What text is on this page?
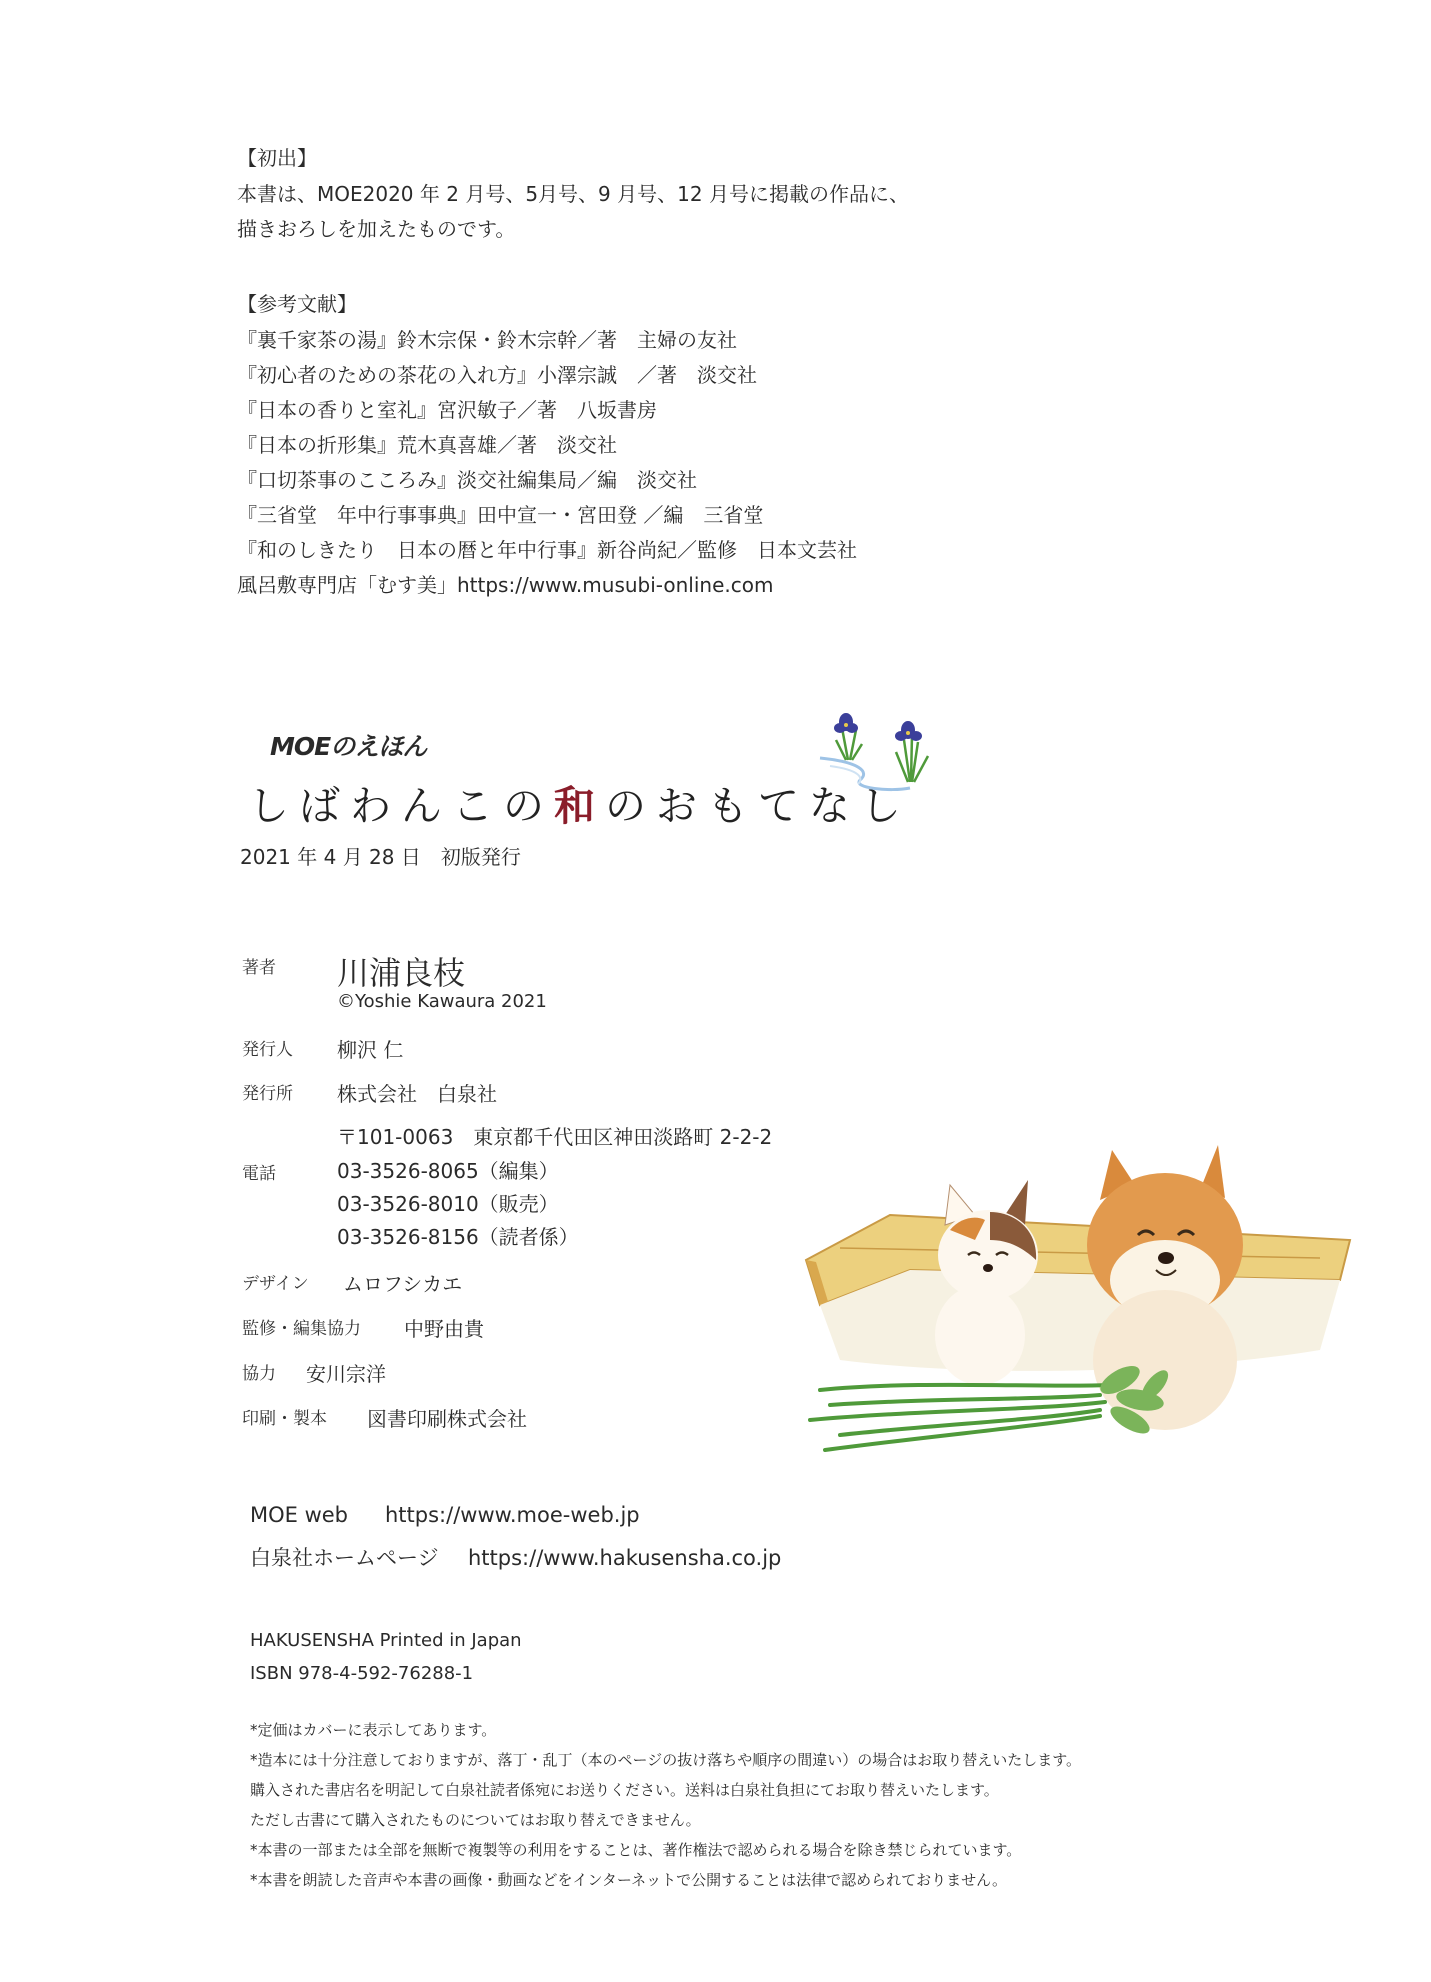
【初出】
本書は、MOE2020 年 2 月号、5月号、9 月号、12 月号に掲載の作品に、
描きおろしを加えたものです。
【参考文献】
『裏千家茶の湯』鈴木宗保・鈴木宗幹／著　主婦の友社
『初心者のための茶花の入れ方』小澤宗誠　／著　淡交社
『日本の香りと室礼』宮沢敏子／著　八坂書房
『日本の折形集』荒木真喜雄／著　淡交社
『口切茶事のこころみ』淡交社編集局／編　淡交社
『三省堂　年中行事事典』田中宣一・宮田登 ／編　三省堂
『和のしきたり　日本の暦と年中行事』新谷尚紀／監修　日本文芸社
風呂敷専門店「むす美」https://www.musubi-online.com
MOEのえほん
しばわんこの和のおもてなし
2021 年 4 月 28 日　初版発行
著者 川浦良枝
©Yoshie Kawaura 2021
発行人 柳沢 仁
発行所 株式会社　白泉社
〒101-0063　東京都千代田区神田淡路町 2-2-2
電話	03-3526-8065（編集）
03-3526-8010（販売）
03-3526-8156（読者係）
デザイン ムロフシカエ
監修・編集協力 中野由貴
協力 安川宗洋
印刷・製本 図書印刷株式会社
MOE web https://www.moe-web.jp
白泉社ホームページ https://www.hakusensha.co.jp
HAKUSENSHA Printed in Japan
ISBN 978-4-592-76288-1
*定価はカバーに表示してあります。
*造本には十分注意しておりますが、落丁・乱丁（本のページの抜け落ちや順序の間違い）の場合はお取り替えいたします。
購入された書店名を明記して白泉社読者係宛にお送りください。送料は白泉社負担にてお取り替えいたします。
ただし古書にて購入されたものについてはお取り替えできません。
*本書の一部または全部を無断で複製等の利用をすることは、著作権法で認められる場合を除き禁じられています。
*本書を朗読した音声や本書の画像・動画などをインターネットで公開することは法律で認められておりません。
